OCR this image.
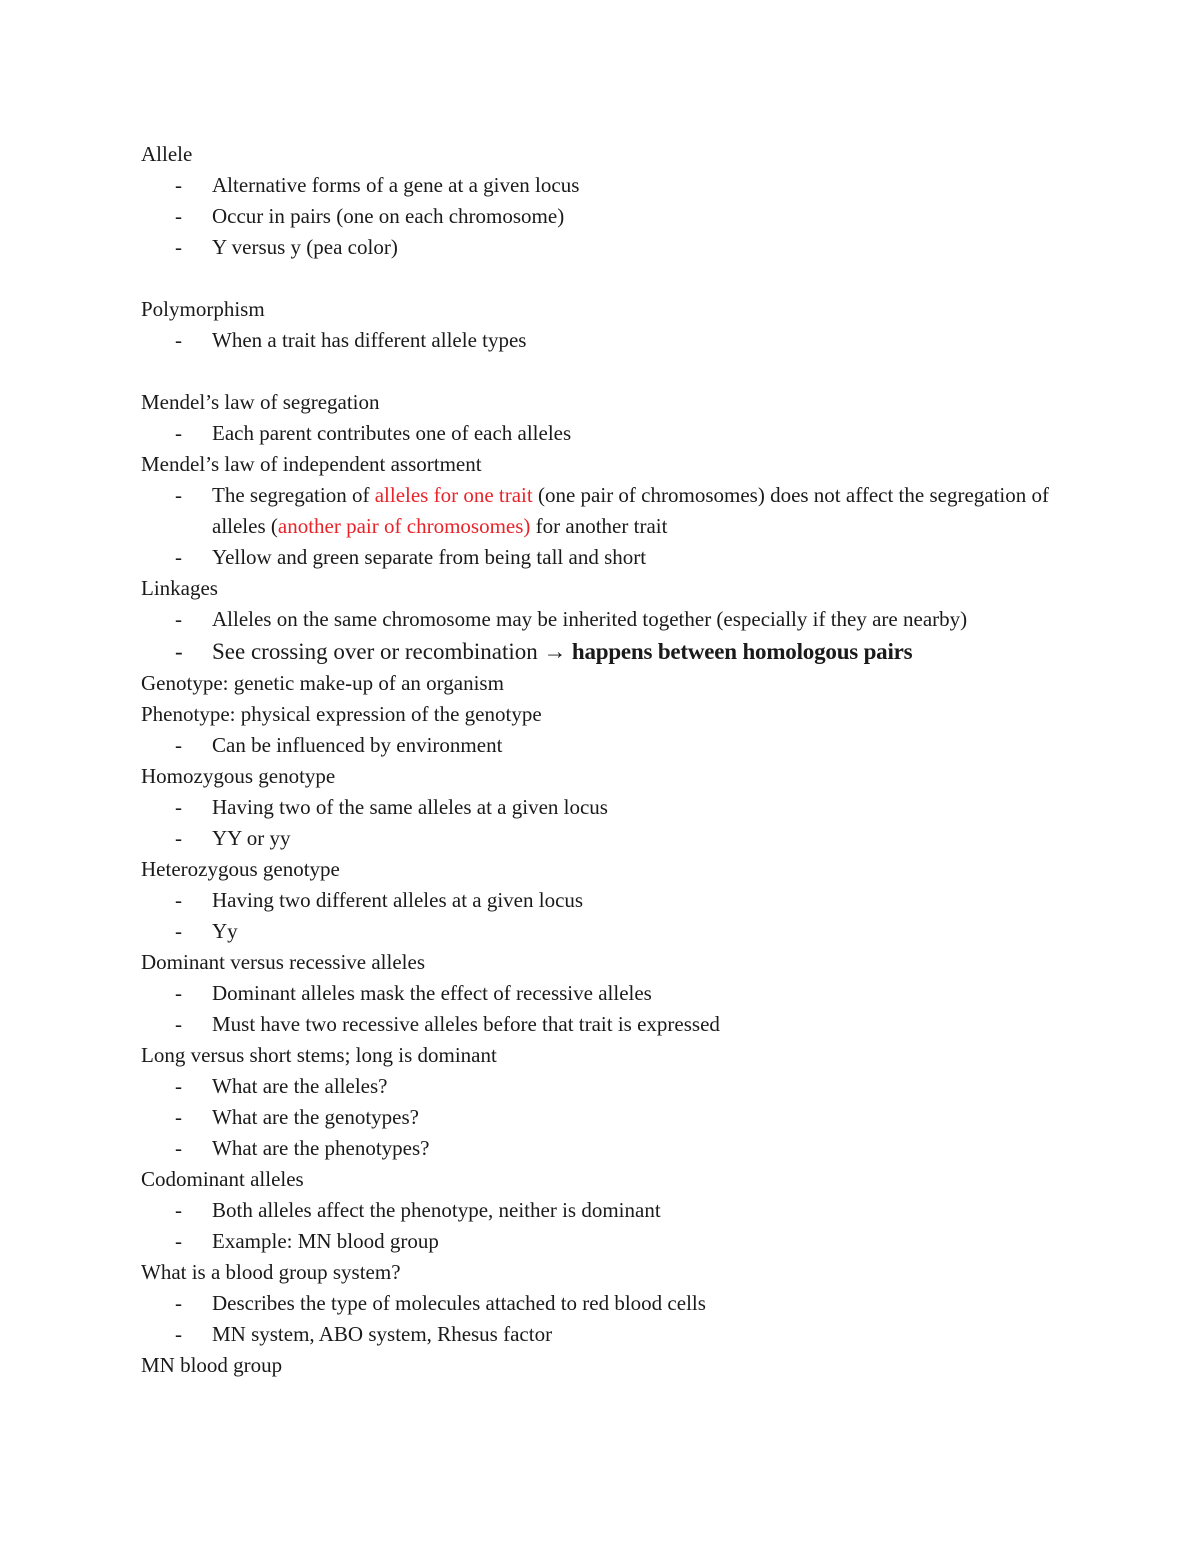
Allele

- Alternative forms of a gene at a given locus
- Occur in pairs (one on each chromosome)
- Y versus y (pea color)

Polymorphism

- When a trait has different allele types

Mendel’s law of segregation

- Each parent contributes one of each alleles

Mendel’s law of independent assortment

- The segregation of alleles for one trait (one pair of chromosomes) does not affect the segregation of alleles (another pair of chromosomes) for another trait
- Yellow and green separate from being tall and short

Linkages

- Alleles on the same chromosome may be inherited together (especially if they are nearby)
- See crossing over or recombination → happens between homologous pairs

Genotype: genetic make-up of an organism

Phenotype: physical expression of the genotype

- Can be influenced by environment

Homozygous genotype

- Having two of the same alleles at a given locus
- YY or yy

Heterozygous genotype

- Having two different alleles at a given locus
- Yy

Dominant versus recessive alleles

- Dominant alleles mask the effect of recessive alleles
- Must have two recessive alleles before that trait is expressed

Long versus short stems; long is dominant

- What are the alleles?
- What are the genotypes?
- What are the phenotypes?

Codominant alleles

- Both alleles affect the phenotype, neither is dominant
- Example: MN blood group

What is a blood group system?

- Describes the type of molecules attached to red blood cells
- MN system, ABO system, Rhesus factor

MN blood group
